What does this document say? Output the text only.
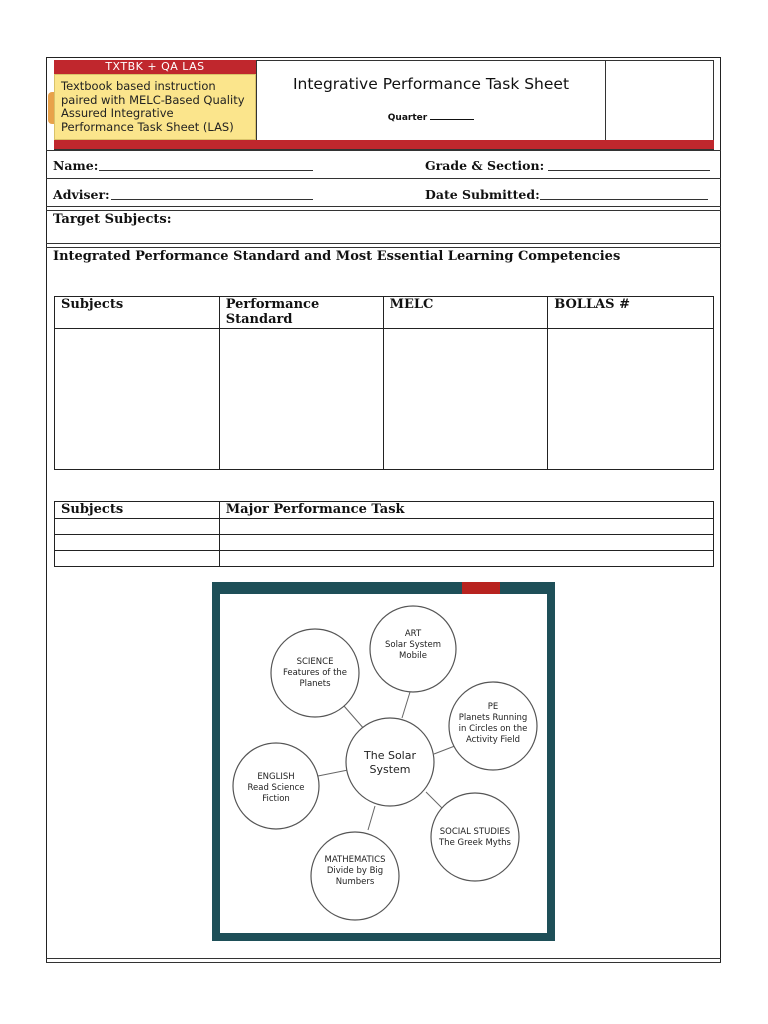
TXTBK + QA LAS
Textbook based instruction
paired with MELC-Based Quality
Assured Integrative
Performance Task Sheet (LAS)
Integrative Performance Task Sheet
Quarter
Name:	Grade & Section:
Adviser:	Date Submitted:
Target Subjects:
Integrated Performance Standard and Most Essential Learning Competencies
Subjects	Performance Standard	MELC	BOLLAS #

Subjects	Major Performance Task

SCIENCE Features of the Planets
ART Solar System Mobile
PE Planets Running in Circles on the Activity Field
The Solar System
ENGLISH Read Science Fiction
SOCIAL STUDIES The Greek Myths
MATHEMATICS Divide by Big Numbers
